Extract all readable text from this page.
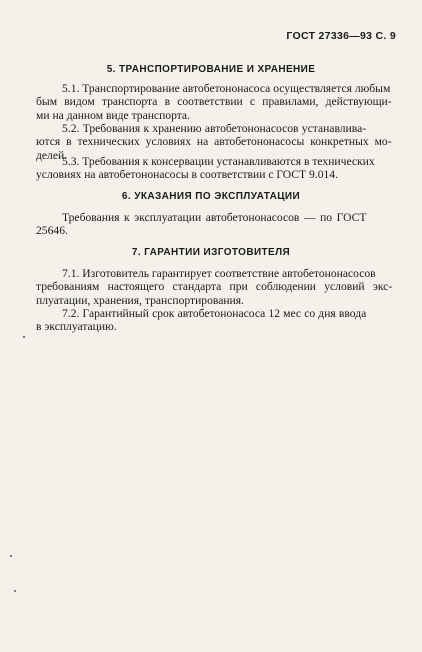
ГОСТ 27336—93 С. 9
5. ТРАНСПОРТИРОВАНИЕ И ХРАНЕНИЕ
5.1. Транспортирование автобетононасоса осуществляется любым
бым видом транспорта в соответствии с правилами, действующи-
ми на данном виде транспорта.
5.2. Требования к хранению автобетононасосов устанавлива-
ются в технических условиях на автобетононасосы конкретных мо-
делей.
5.3. Требования к консервации устанавливаются в технических
условиях на автобетононасосы в соответствии с ГОСТ 9.014.
6. УКАЗАНИЯ ПО ЭКСПЛУАТАЦИИ
Требования к эксплуатации автобетононасосов — по ГОСТ
25646.
7. ГАРАНТИИ ИЗГОТОВИТЕЛЯ
7.1. Изготовитель гарантирует соответствие автобетононасосов
требованиям настоящего стандарта при соблюдении условий экс-
плуатации, хранения, транспортирования.
7.2. Гарантийный срок автобетононасоса 12 мес со дня ввода
в эксплуатацию.
